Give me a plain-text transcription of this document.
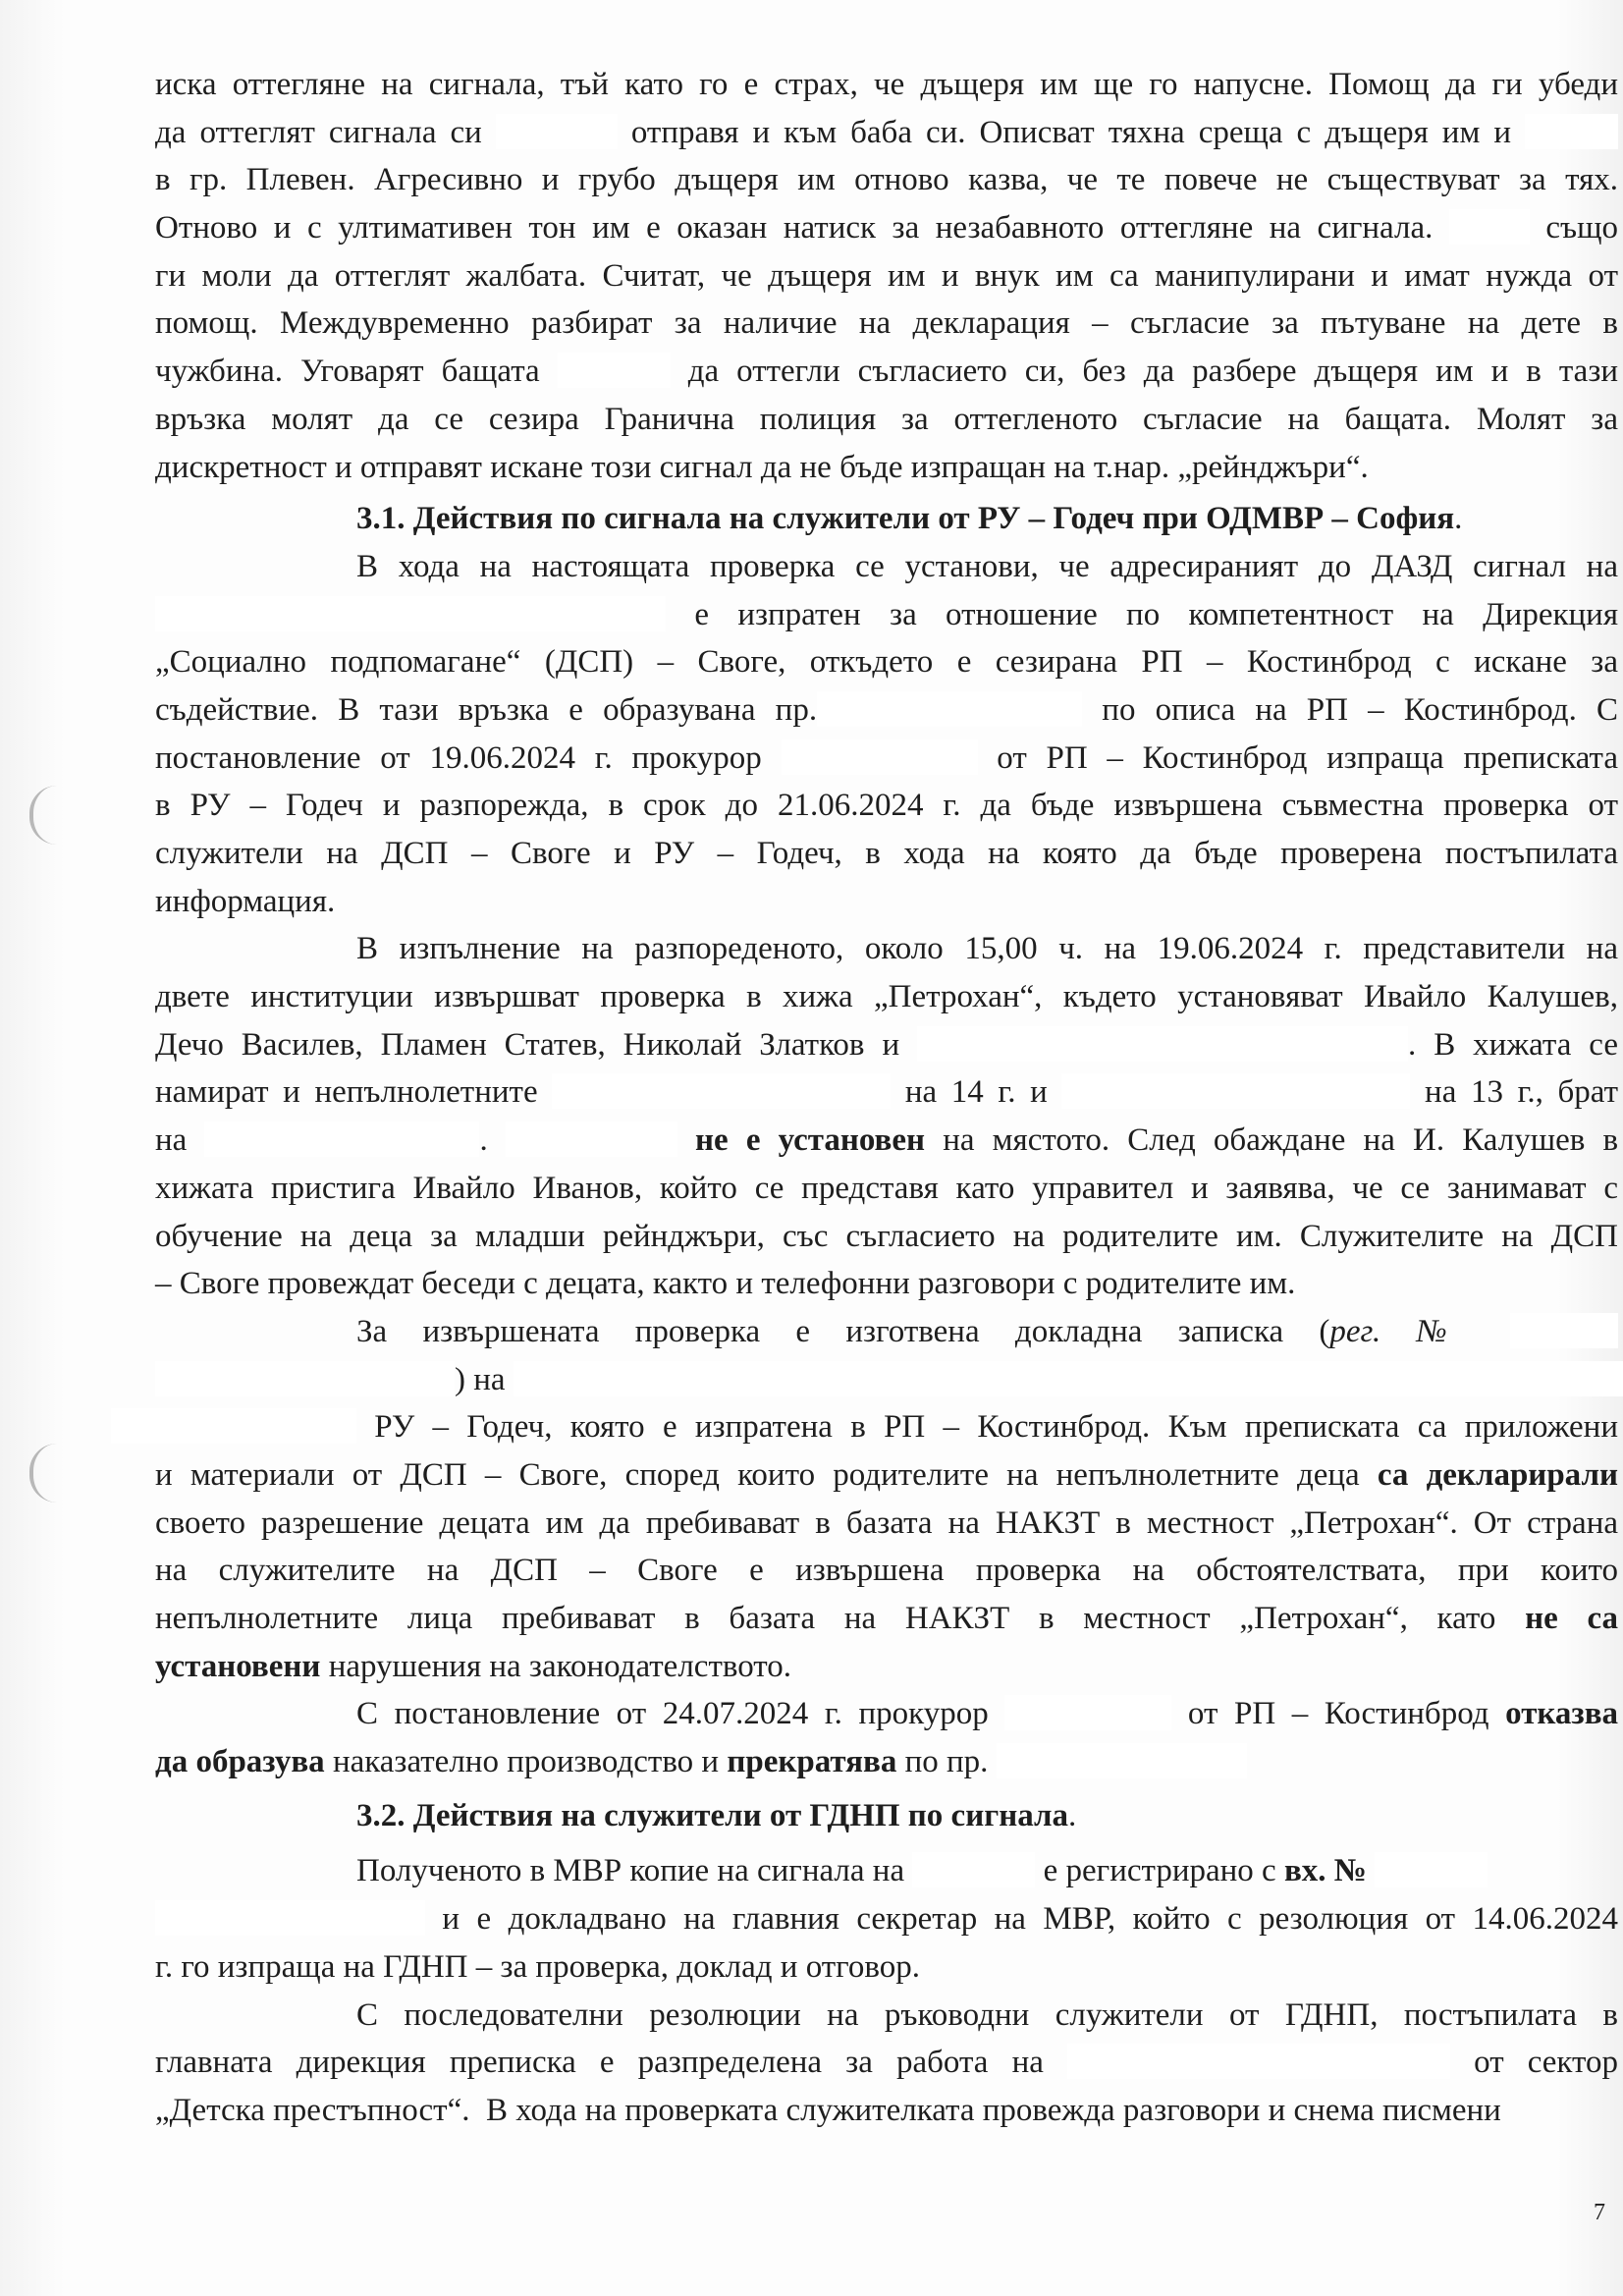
иска оттегляне на сигнала, тъй като го е страх, че дъщеря им ще го напусне. Помощ да ги убеди
да оттеглят сигнала си	отправя и към баба си. Описват тяхна среща с дъщеря им и
в гр. Плевен. Агресивно и грубо дъщеря им отново казва, че те повече не съществуват за тях.
Отново и с ултимативен тон им е оказан натиск за незабавното оттегляне на сигнала.	също
ги моли да оттеглят жалбата. Считат, че дъщеря им и внук им са манипулирани и имат нужда от
помощ. Междувременно разбират за наличие на декларация – съгласие за пътуване на дете в
чужбина. Уговарят бащата	да оттегли съгласието си, без да разбере дъщеря им и в тази
връзка молят да се сезира Гранична полиция за оттегленото съгласие на бащата. Молят за
дискретност и отправят искане този сигнал да не бъде изпращан на т.нар. „рейнджъри“.
3.1. Действия по сигнала на служители от РУ – Годеч при ОДМВР – София.
В хода на настоящата проверка се установи, че адресираният до ДАЗД сигнал на
е изпратен за отношение по компетентност на Дирекция
„Социално подпомагане“ (ДСП) – Своге, откъдето е сезирана РП – Костинброд с искане за
съдействие. В тази връзка е образувана пр.	по описа на РП – Костинброд. С
постановление от 19.06.2024 г. прокурор	от РП – Костинброд изпраща преписката
в РУ – Годеч и разпорежда, в срок до 21.06.2024 г. да бъде извършена съвместна проверка от
служители на ДСП – Своге и РУ – Годеч, в хода на която да бъде проверена постъпилата
информация.
В изпълнение на разпореденото, около 15,00 ч. на 19.06.2024 г. представители на
двете институции извършват проверка в хижа „Петрохан“, където установяват Ивайло Калушев,
Дечо Василев, Пламен Статев, Николай Златков и	. В хижата се
намират и непълнолетните	на 14 г. и	на 13 г., брат
на	.	не е установен на мястото. След обаждане на И. Калушев в
хижата пристига Ивайло Иванов, който се представя като управител и заявява, че се занимават с
обучение на деца за младши рейнджъри, със съгласието на родителите им. Служителите на ДСП
– Своге провеждат беседи с децата, както и телефонни разговори с родителите им.
За извършената проверка е изготвена докладна записка (рег. №
) на
РУ – Годеч, която е изпратена в РП – Костинброд. Към преписката са приложени
и материали от ДСП – Своге, според които родителите на непълнолетните деца са декларирали
своето разрешение децата им да пребивават в базата на НАКЗТ в местност „Петрохан“. От страна
на служителите на ДСП – Своге е извършена проверка на обстоятелствата, при които
непълнолетните лица пребивават в базата на НАКЗТ в местност „Петрохан“, като не са
установени нарушения на законодателството.
С постановление от 24.07.2024 г. прокурор	от РП – Костинброд отказва
да образува наказателно производство и прекратява по пр.
3.2. Действия на служители от ГДНП по сигнала.
Полученото в МВР копие на сигнала на	е регистрирано с вх. №
и е докладвано на главния секретар на МВР, който с резолюция от 14.06.2024
г. го изпраща на ГДНП – за проверка, доклад и отговор.
С последователни резолюции на ръководни служители от ГДНП, постъпилата в
главната дирекция преписка е разпределена за работа на	от сектор
„Детска престъпност“.  В хода на проверката служителката провежда разговори и снема писмени
7
